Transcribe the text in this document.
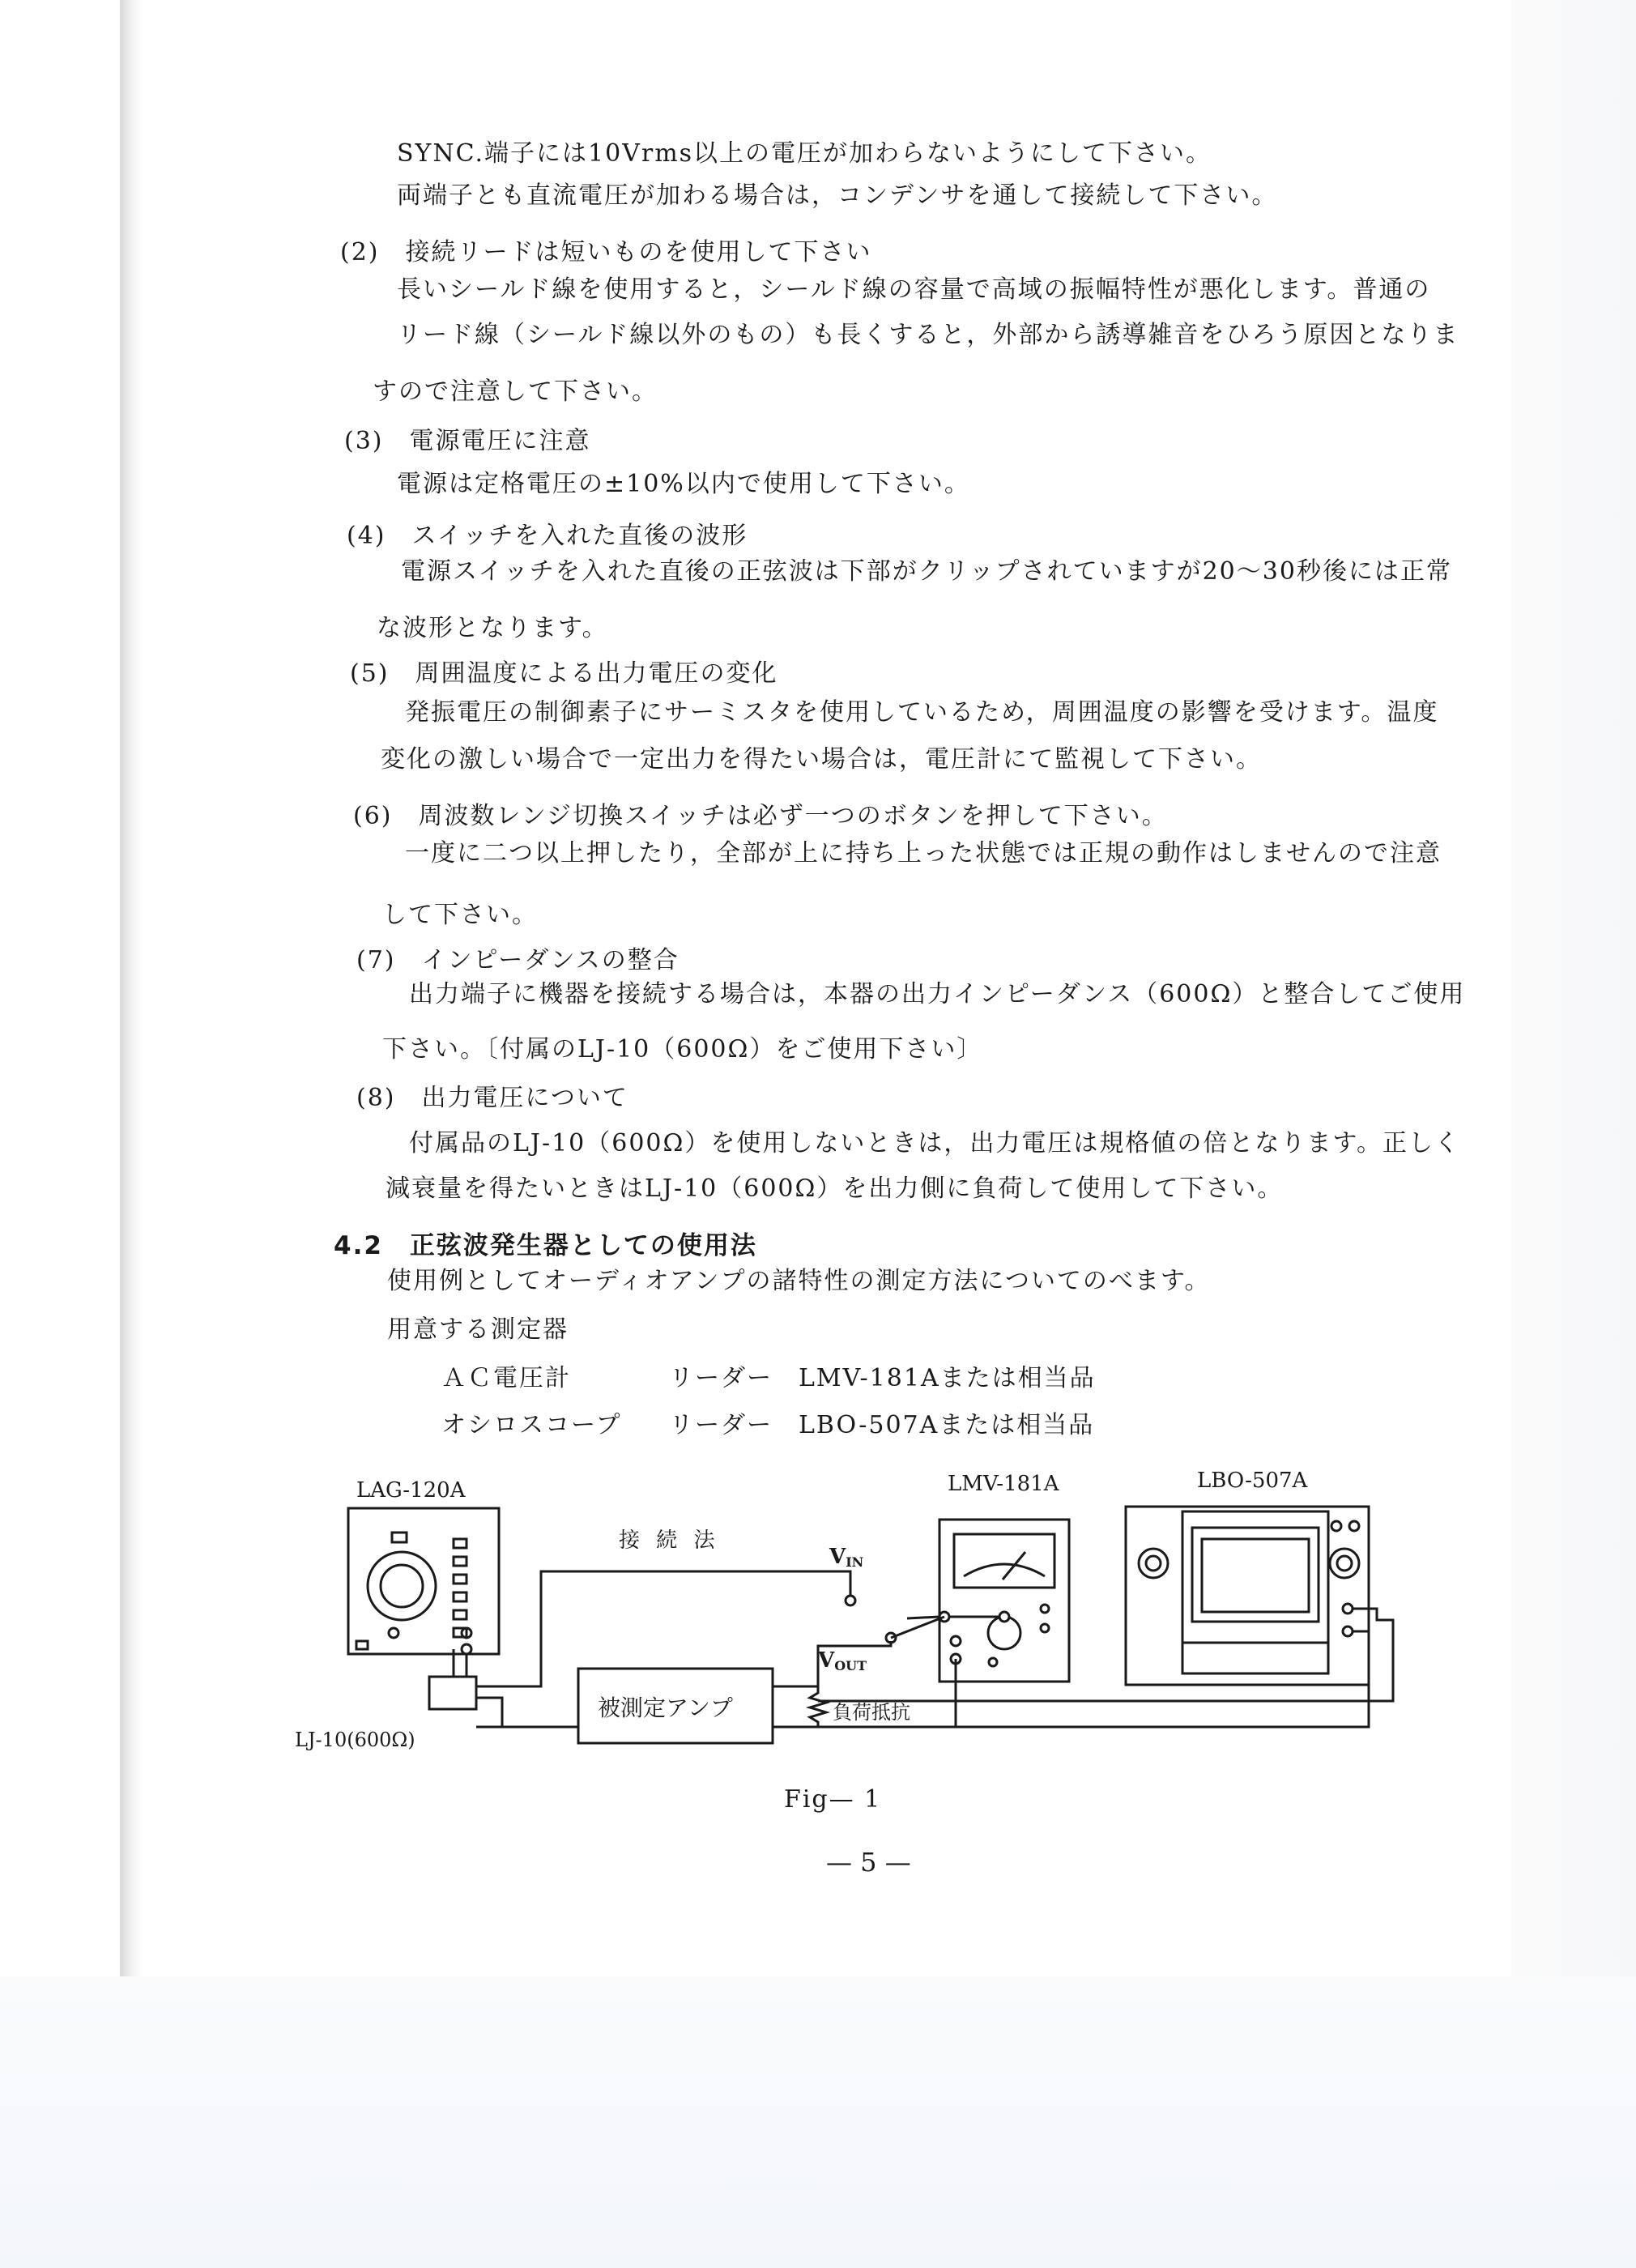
SYNC.端子には10Vrms以上の電圧が加わらないようにして下さい。
両端子とも直流電圧が加わる場合は，コンデンサを通して接続して下さい。
(2)　接続リードは短いものを使用して下さい
長いシールド線を使用すると，シールド線の容量で高域の振幅特性が悪化します。普通の
リード線（シールド線以外のもの）も長くすると，外部から誘導雑音をひろう原因となりま
すので注意して下さい。
(3)　電源電圧に注意
電源は定格電圧の±10%以内で使用して下さい。
(4)　スイッチを入れた直後の波形
電源スイッチを入れた直後の正弦波は下部がクリップされていますが20～30秒後には正常
な波形となります。
(5)　周囲温度による出力電圧の変化
発振電圧の制御素子にサーミスタを使用しているため，周囲温度の影響を受けます。温度
変化の激しい場合で一定出力を得たい場合は，電圧計にて監視して下さい。
(6)　周波数レンジ切換スイッチは必ず一つのボタンを押して下さい。
一度に二つ以上押したり，全部が上に持ち上った状態では正規の動作はしませんので注意
して下さい。
(7)　インピーダンスの整合
出力端子に機器を接続する場合は，本器の出力インピーダンス（600Ω）と整合してご使用
下さい。〔付属のLJ-10（600Ω）をご使用下さい〕
(8)　出力電圧について
付属品のLJ-10（600Ω）を使用しないときは，出力電圧は規格値の倍となります。正しく
減衰量を得たいときはLJ-10（600Ω）を出力側に負荷して使用して下さい。
4.2　正弦波発生器としての使用法
使用例としてオーディオアンプの諸特性の測定方法についてのべます。
用意する測定器
ＡＣ電圧計	リーダー　LMV-181Aまたは相当品
オシロスコープ リーダー　LBO-507Aまたは相当品
LAG-120A
接 続 法
LMV-181A	LBO-507A
VIN
VOUT
被測定アンプ	負荷抵抗
LJ-10(600Ω)
Fig— 1
— 5 —
